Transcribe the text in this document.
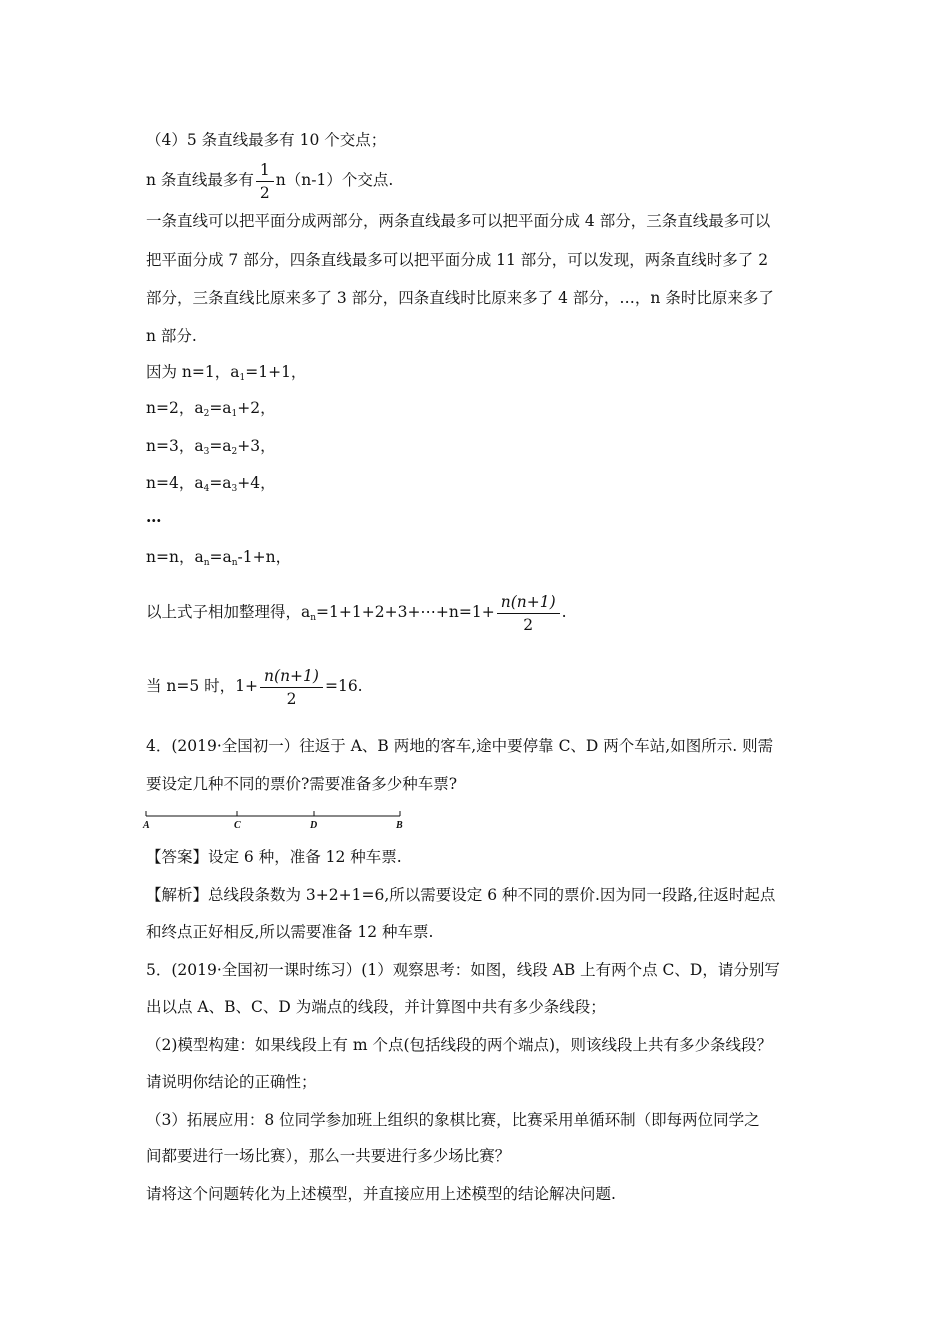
（4）5 条直线最多有 10 个交点；
n 条直线最多有 $\frac{1}{2} n(n-1)$个交点.
一条直线可以把平面分成两部分，两条直线最多可以把平面分成 4 部分，三条直线最多可以
把平面分成 7 部分，四条直线最多可以把平面分成 11 部分，可以发现，两条直线时多了 2
部分，三条直线比原来多了 3 部分，四条直线时比原来多了 4 部分，…，n 条时比原来多了
n 部分.
因为 n=1，$a_1=1+1$，
n=2，$a_2=a_1+2$，
n=3，$a_3=a_2+3$，
n=4，$a_4=a_3+4$，
…
n=n，$a_n=a_n-1+n$，
以上式子相加整理得，$a_n=1+1+2+3+\cdots+n=1+ \frac{n(n+1)}{2}$ .
当 n=5 时，$1+ \frac{n(n+1)}{2} =16$.
4．(2019·全国初一）往返于 A、B 两地的客车,途中要停靠 C、D 两个车站,如图所示. 则需
要设定几种不同的票价?需要准备多少种车票?
A	C	D	B
【答案】设定 6 种，准备 12 种车票.
【解析】总线段条数为 3+2+1=6,所以需要设定 6 种不同的票价.因为同一段路,往返时起点
和终点正好相反,所以需要准备 12 种车票.
5．(2019·全国初一课时练习）(1）观察思考：如图，线段 AB 上有两个点 C、D，请分别写
出以点 A、B、C、D 为端点的线段，并计算图中共有多少条线段；
（2)模型构建：如果线段上有 m 个点(包括线段的两个端点)，则该线段上共有多少条线段？
请说明你结论的正确性；
（3）拓展应用：8 位同学参加班上组织的象棋比赛，比赛采用单循环制（即每两位同学之
间都要进行一场比赛），那么一共要进行多少场比赛？
请将这个问题转化为上述模型，并直接应用上述模型的结论解决问题.
